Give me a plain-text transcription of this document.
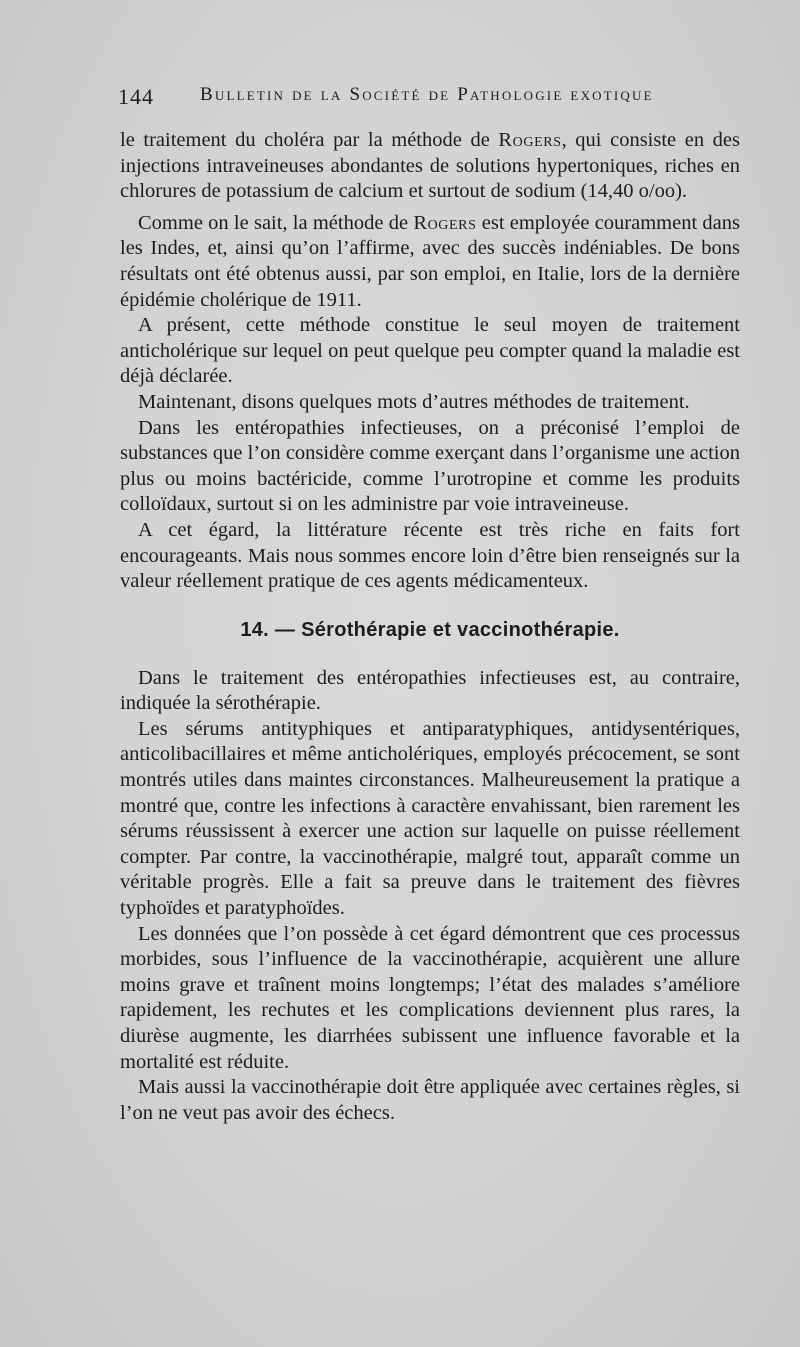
144 Bulletin de la Société de Pathologie exotique

le traitement du choléra par la méthode de Rogers, qui consiste en des injections intraveineuses abondantes de solutions hypertoniques, riches en chlorures de potassium de calcium et surtout de sodium (14,40 o/oo).

Comme on le sait, la méthode de Rogers est employée couramment dans les Indes, et, ainsi qu’on l’affirme, avec des succès indéniables. De bons résultats ont été obtenus aussi, par son emploi, en Italie, lors de la dernière épidémie cholérique de 1911.

A présent, cette méthode constitue le seul moyen de traitement anticholérique sur lequel on peut quelque peu compter quand la maladie est déjà déclarée.

Maintenant, disons quelques mots d’autres méthodes de traitement.

Dans les entéropathies infectieuses, on a préconisé l’emploi de substances que l’on considère comme exerçant dans l’organisme une action plus ou moins bactéricide, comme l’urotropine et comme les produits colloïdaux, surtout si on les administre par voie intraveineuse.

A cet égard, la littérature récente est très riche en faits fort encourageants. Mais nous sommes encore loin d’être bien renseignés sur la valeur réellement pratique de ces agents médicamenteux.

14. — Sérothérapie et vaccinothérapie.

Dans le traitement des entéropathies infectieuses est, au contraire, indiquée la sérothérapie.

Les sérums antityphiques et antiparatyphiques, antidysentériques, anticolibacillaires et même anticholériques, employés précocement, se sont montrés utiles dans maintes circonstances. Malheureusement la pratique a montré que, contre les infections à caractère envahissant, bien rarement les sérums réussissent à exercer une action sur laquelle on puisse réellement compter. Par contre, la vaccinothérapie, malgré tout, apparaît comme un véritable progrès. Elle a fait sa preuve dans le traitement des fièvres typhoïdes et paratyphoïdes.

Les données que l’on possède à cet égard démontrent que ces processus morbides, sous l’influence de la vaccinothérapie, acquièrent une allure moins grave et traînent moins longtemps; l’état des malades s’améliore rapidement, les rechutes et les complications deviennent plus rares, la diurèse augmente, les diarrhées subissent une influence favorable et la mortalité est réduite.

Mais aussi la vaccinothérapie doit être appliquée avec certaines règles, si l’on ne veut pas avoir des échecs.
